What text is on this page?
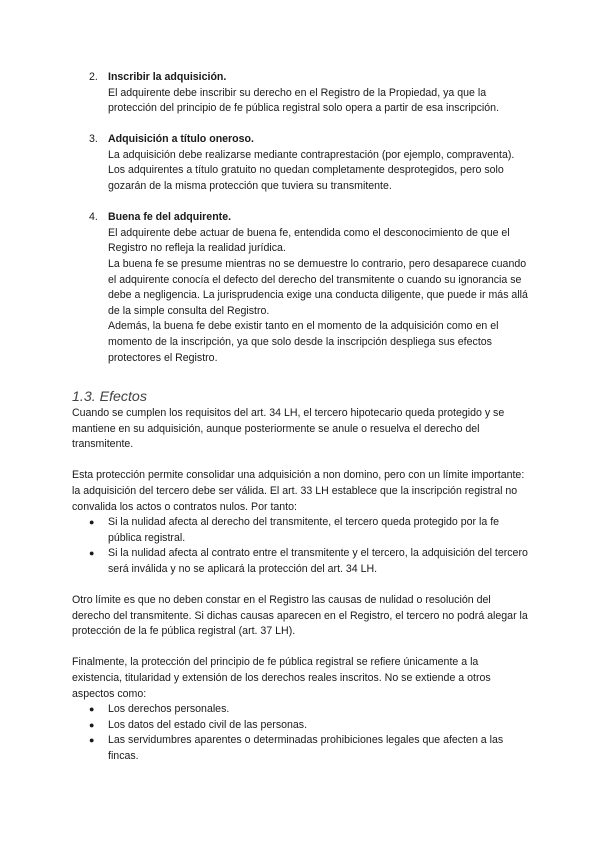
2. Inscribir la adquisición.

El adquirente debe inscribir su derecho en el Registro de la Propiedad, ya que la protección del principio de fe pública registral solo opera a partir de esa inscripción.

3. Adquisición a título oneroso.

La adquisición debe realizarse mediante contraprestación (por ejemplo, compraventa). Los adquirentes a título gratuito no quedan completamente desprotegidos, pero solo gozarán de la misma protección que tuviera su transmitente.

4. Buena fe del adquirente.

El adquirente debe actuar de buena fe, entendida como el desconocimiento de que el Registro no refleja la realidad jurídica.

La buena fe se presume mientras no se demuestre lo contrario, pero desaparece cuando el adquirente conocía el defecto del derecho del transmitente o cuando su ignorancia se debe a negligencia. La jurisprudencia exige una conducta diligente, que puede ir más allá de la simple consulta del Registro.

Además, la buena fe debe existir tanto en el momento de la adquisición como en el momento de la inscripción, ya que solo desde la inscripción despliega sus efectos protectores el Registro.

1.3. Efectos

Cuando se cumplen los requisitos del art. 34 LH, el tercero hipotecario queda protegido y se mantiene en su adquisición, aunque posteriormente se anule o resuelva el derecho del transmitente.

Esta protección permite consolidar una adquisición a non domino, pero con un límite importante: la adquisición del tercero debe ser válida. El art. 33 LH establece que la inscripción registral no convalida los actos o contratos nulos. Por tanto:

● Si la nulidad afecta al derecho del transmitente, el tercero queda protegido por la fe pública registral.
● Si la nulidad afecta al contrato entre el transmitente y el tercero, la adquisición del tercero será inválida y no se aplicará la protección del art. 34 LH.

Otro límite es que no deben constar en el Registro las causas de nulidad o resolución del derecho del transmitente. Si dichas causas aparecen en el Registro, el tercero no podrá alegar la protección de la fe pública registral (art. 37 LH).

Finalmente, la protección del principio de fe pública registral se refiere únicamente a la existencia, titularidad y extensión de los derechos reales inscritos. No se extiende a otros aspectos como:

● Los derechos personales.
● Los datos del estado civil de las personas.
● Las servidumbres aparentes o determinadas prohibiciones legales que afecten a las fincas.
